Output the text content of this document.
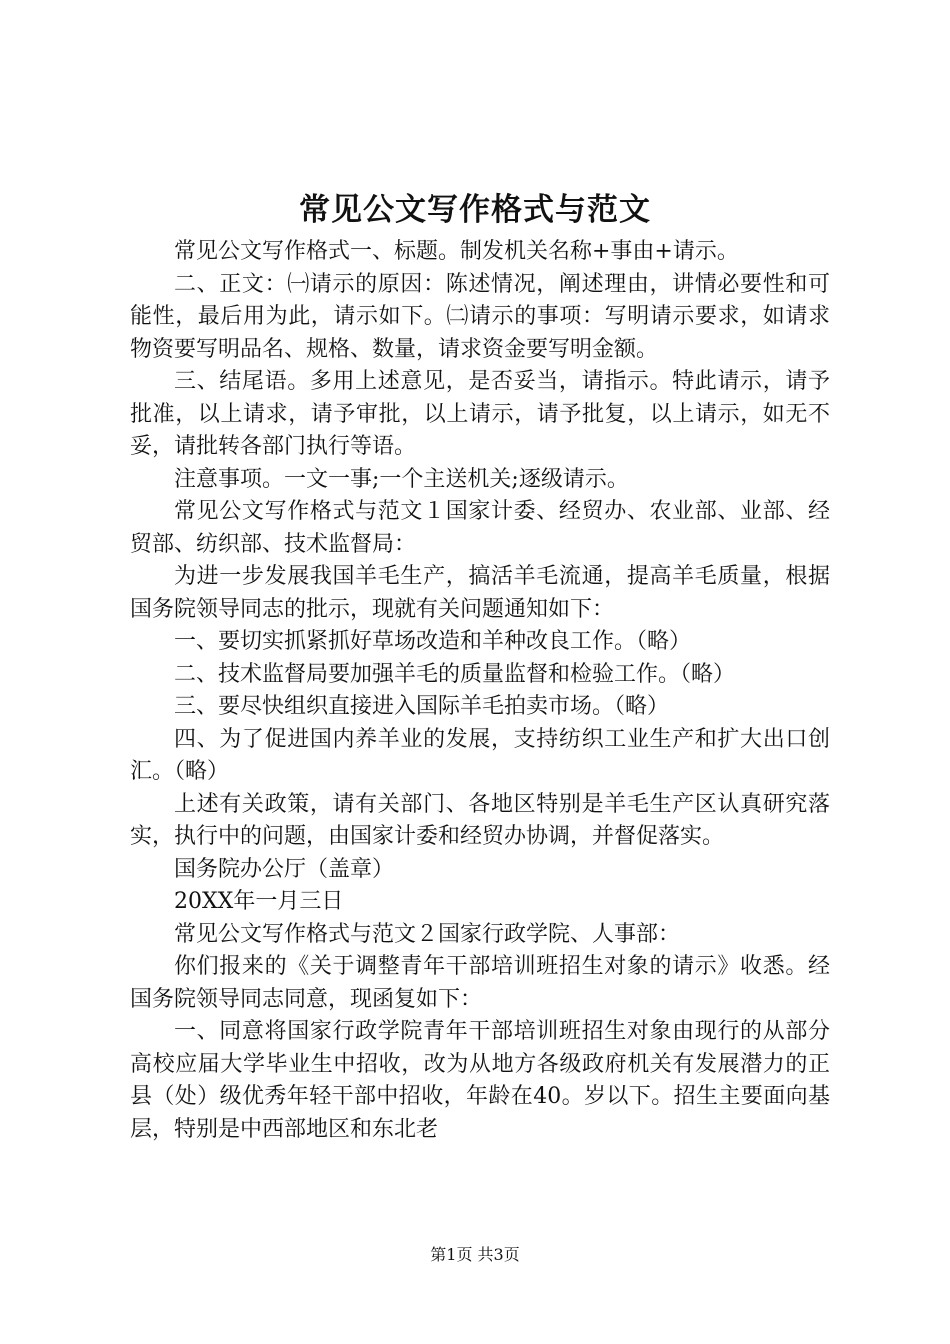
常见公文写作格式与范文

常见公文写作格式一、标题。制发机关名称+事由+请示。

二、正文：㈠请示的原因：陈述情况，阐述理由，讲情必要性和可能性，最后用为此，请示如下。㈡请示的事项：写明请示要求，如请求物资要写明品名、规格、数量，请求资金要写明金额。

三、结尾语。多用上述意见，是否妥当，请指示。特此请示，请予批准，以上请求，请予审批，以上请示，请予批复，以上请示，如无不妥，请批转各部门执行等语。

注意事项。一文一事;一个主送机关;逐级请示。

常见公文写作格式与范文１国家计委、经贸办、农业部、业部、经贸部、纺织部、技术监督局：

为进一步发展我国羊毛生产，搞活羊毛流通，提高羊毛质量，根据国务院领导同志的批示，现就有关问题通知如下：

一、要切实抓紧抓好草场改造和羊种改良工作。（略）

二、技术监督局要加强羊毛的质量监督和检验工作。（略）

三、要尽快组织直接进入国际羊毛拍卖市场。（略）

四、为了促进国内养羊业的发展，支持纺织工业生产和扩大出口创汇。（略）

上述有关政策，请有关部门、各地区特别是羊毛生产区认真研究落实，执行中的问题，由国家计委和经贸办协调，并督促落实。

国务院办公厅（盖章）

20XX年一月三日

常见公文写作格式与范文２国家行政学院、人事部：

你们报来的《关于调整青年干部培训班招生对象的请示》收悉。经国务院领导同志同意，现函复如下：

一、同意将国家行政学院青年干部培训班招生对象由现行的从部分高校应届大学毕业生中招收，改为从地方各级政府机关有发展潜力的正县（处）级优秀年轻干部中招收，年龄在40。岁以下。招生主要面向基层，特别是中西部地区和东北老

第1页 共3页
